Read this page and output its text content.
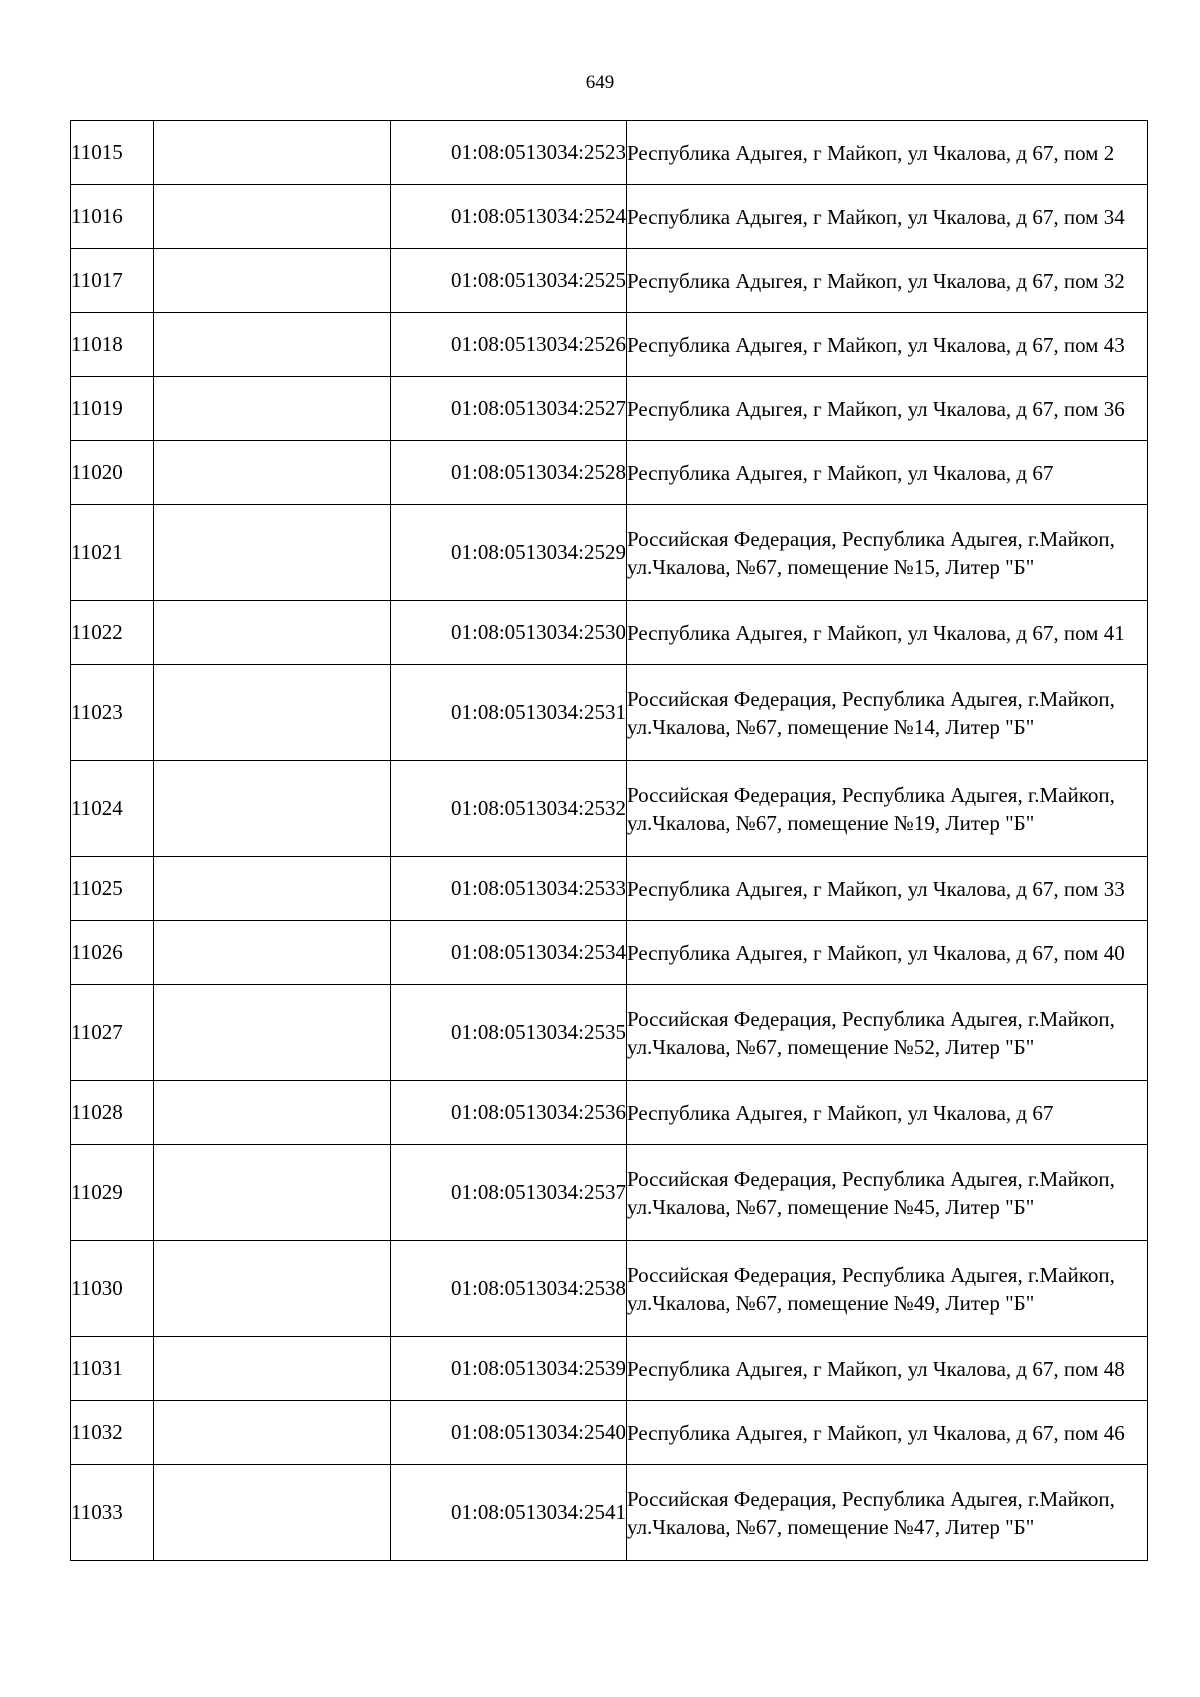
649
11015		01:08:0513034:2523	Республика Адыгея, г Майкоп, ул Чкалова, д 67, пом 2
11016		01:08:0513034:2524	Республика Адыгея, г Майкоп, ул Чкалова, д 67, пом 34
11017		01:08:0513034:2525	Республика Адыгея, г Майкоп, ул Чкалова, д 67, пом 32
11018		01:08:0513034:2526	Республика Адыгея, г Майкоп, ул Чкалова, д 67, пом 43
11019		01:08:0513034:2527	Республика Адыгея, г Майкоп, ул Чкалова, д 67, пом 36
11020		01:08:0513034:2528	Республика Адыгея, г Майкоп, ул Чкалова, д 67
11021		01:08:0513034:2529	Российская Федерация, Республика Адыгея, г.Майкоп, ул.Чкалова, №67, помещение №15, Литер "Б"
11022		01:08:0513034:2530	Республика Адыгея, г Майкоп, ул Чкалова, д 67, пом 41
11023		01:08:0513034:2531	Российская Федерация, Республика Адыгея, г.Майкоп, ул.Чкалова, №67, помещение №14, Литер "Б"
11024		01:08:0513034:2532	Российская Федерация, Республика Адыгея, г.Майкоп, ул.Чкалова, №67, помещение №19, Литер "Б"
11025		01:08:0513034:2533	Республика Адыгея, г Майкоп, ул Чкалова, д 67, пом 33
11026		01:08:0513034:2534	Республика Адыгея, г Майкоп, ул Чкалова, д 67, пом 40
11027		01:08:0513034:2535	Российская Федерация, Республика Адыгея, г.Майкоп, ул.Чкалова, №67, помещение №52, Литер "Б"
11028		01:08:0513034:2536	Республика Адыгея, г Майкоп, ул Чкалова, д 67
11029		01:08:0513034:2537	Российская Федерация, Республика Адыгея, г.Майкоп, ул.Чкалова, №67, помещение №45, Литер "Б"
11030		01:08:0513034:2538	Российская Федерация, Республика Адыгея, г.Майкоп, ул.Чкалова, №67, помещение №49, Литер "Б"
11031		01:08:0513034:2539	Республика Адыгея, г Майкоп, ул Чкалова, д 67, пом 48
11032		01:08:0513034:2540	Республика Адыгея, г Майкоп, ул Чкалова, д 67, пом 46
11033		01:08:0513034:2541	Российская Федерация, Республика Адыгея, г.Майкоп, ул.Чкалова, №67, помещение №47, Литер "Б"
